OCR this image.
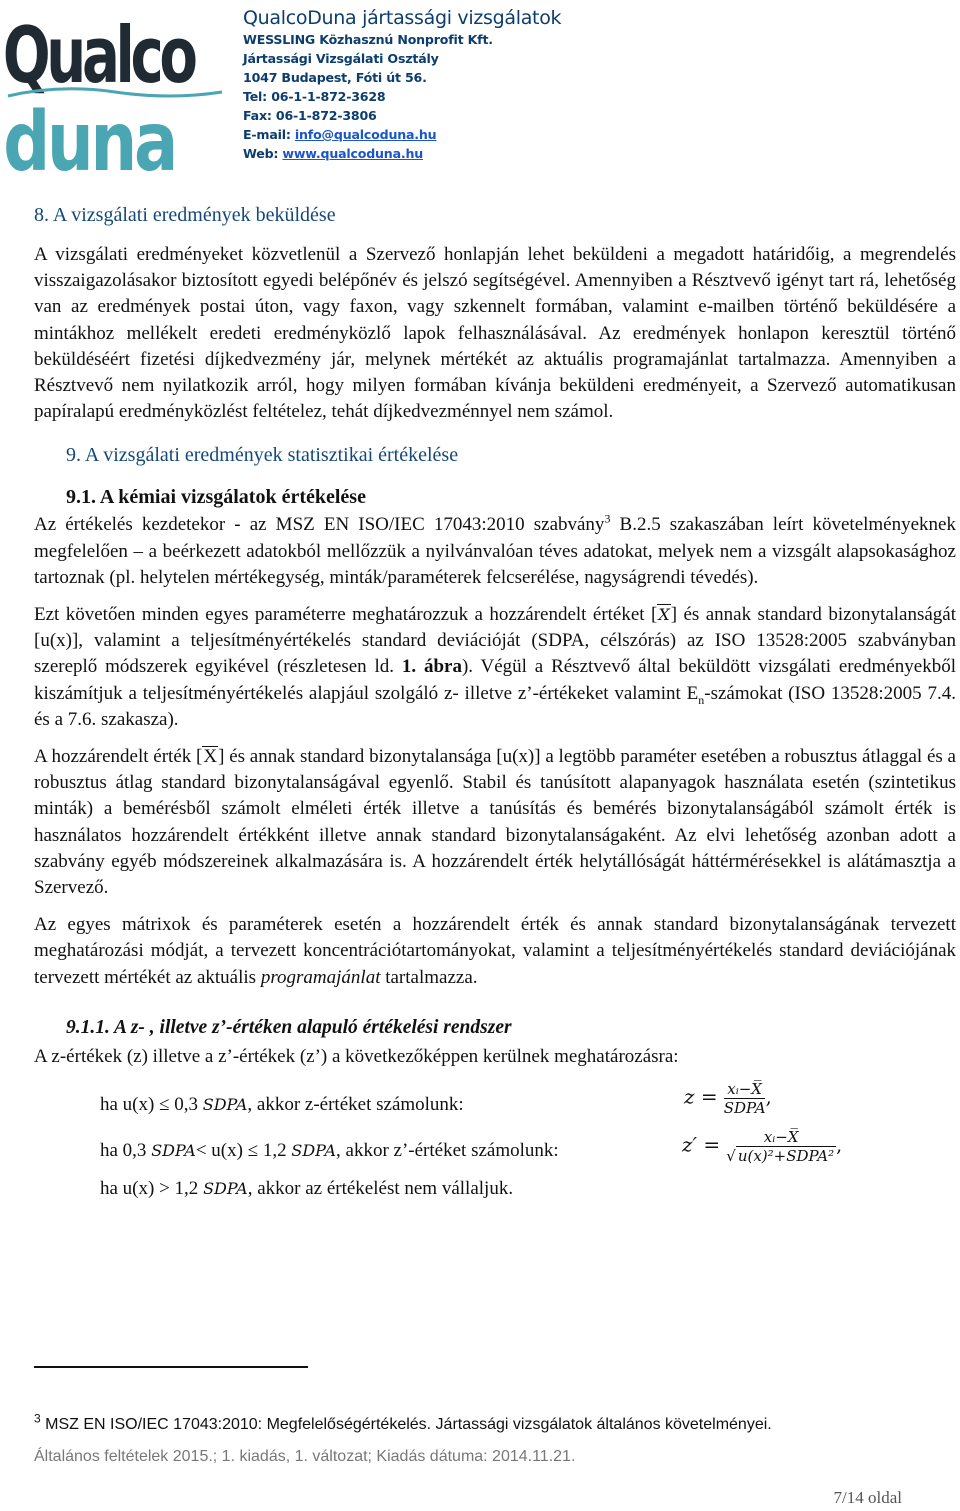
Qualco
duna
QualcoDuna jártassági vizsgálatok
WESSLING Közhasznú Nonprofit Kft.
Jártassági Vizsgálati Osztály
1047 Budapest, Fóti út 56.
Tel: 06-1-1-872-3628
Fax: 06-1-872-3806
E-mail: info@qualcoduna.hu
Web: www.qualcoduna.hu
8. A vizsgálati eredmények beküldése

A vizsgálati eredményeket közvetlenül a Szervező honlapján lehet beküldeni a megadott határidőig, a megrendelés visszaigazolásakor biztosított egyedi belépőnév és jelszó segítségével. Amennyiben a Résztvevő igényt tart rá, lehetőség van az eredmények postai úton, vagy faxon, vagy szkennelt formában, valamint e-mailben történő beküldésére a mintákhoz mellékelt eredeti eredményközlő lapok felhasználásával. Az eredmények honlapon keresztül történő beküldéséért fizetési díjkedvezmény jár, melynek mértékét az aktuális programajánlat tartalmazza. Amennyiben a Résztvevő nem nyilatkozik arról, hogy milyen formában kívánja beküldeni eredményeit, a Szervező automatikusan papíralapú eredményközlést feltételez, tehát díjkedvezménnyel nem számol.

9. A vizsgálati eredmények statisztikai értékelése
9.1. A kémiai vizsgálatok értékelése

Az értékelés kezdetekor - az MSZ EN ISO/IEC 17043:2010 szabvány$^3$ B.2.5 szakaszában leírt követelményeknek megfelelően – a beérkezett adatokból mellőzzük a nyilvánvalóan téves adatokat, melyek nem a vizsgált alapsokasághoz tartoznak (pl. helytelen mértékegység, minták/paraméterek felcserélése, nagyságrendi tévedés).

Ezt követően minden egyes paraméterre meghatározzuk a hozzárendelt értéket [X] és annak standard bizonytalanságát [u(x)], valamint a teljesítményértékelés standard deviációját (SDPA, célszórás) az ISO 13528:2005 szabványban szereplő módszerek egyikével (részletesen ld. 1. ábra). Végül a Résztvevő által beküldött vizsgálati eredményekből kiszámítjuk a teljesítményértékelés alapjául szolgáló z- illetve z’-értékeket valamint $E_n$-számokat (ISO 13528:2005 7.4. és a 7.6. szakasza).

A hozzárendelt érték [X] és annak standard bizonytalansága [u(x)] a legtöbb paraméter esetében a robusztus átlaggal és a robusztus átlag standard bizonytalanságával egyenlő. Stabil és tanúsított alapanyagok használata esetén (szintetikus minták) a bemérésből számolt elméleti érték illetve a tanúsítás és bemérés bizonytalanságából számolt érték is használatos hozzárendelt értékként illetve annak standard bizonytalanságaként. Az elvi lehetőség azonban adott a szabvány egyéb módszereinek alkalmazására is. A hozzárendelt érték helytállóságát háttérmérésekkel is alátámasztja a Szervező.

Az egyes mátrixok és paraméterek esetén a hozzárendelt érték és annak standard bizonytalanságának tervezett meghatározási módját, a tervezett koncentrációtartományokat, valamint a teljesítményértékelés standard deviációjának tervezett mértékét az aktuális programajánlat tartalmazza.

9.1.1. A z- , illetve z’-értéken alapuló értékelési rendszer

A z-értékek (z) illetve a z’-értékek (z’) a következőképpen kerülnek meghatározásra:

ha u(x) ≤ 0,3 SDPA, akkor z-értéket számolunk:	$z = \frac{\text{xᵢ−X̅}}{\text{SDPA}}$ ,
ha 0,3 SDPA< u(x) ≤ 1,2 SDPA, akkor z’-értéket számolunk:	$z' = \frac{\text{xᵢ−X̅}}{\text{√ u(x)²+SDPA²}}$ ,
ha u(x) > 1,2 SDPA, akkor az értékelést nem vállaljuk.
$^3$ MSZ EN ISO/IEC 17043:2010: Megfelelőségértékelés. Jártassági vizsgálatok általános követelményei.
Általános feltételek 2015.; 1. kiadás, 1. változat; Kiadás dátuma: 2014.11.21.
7/14 oldal
